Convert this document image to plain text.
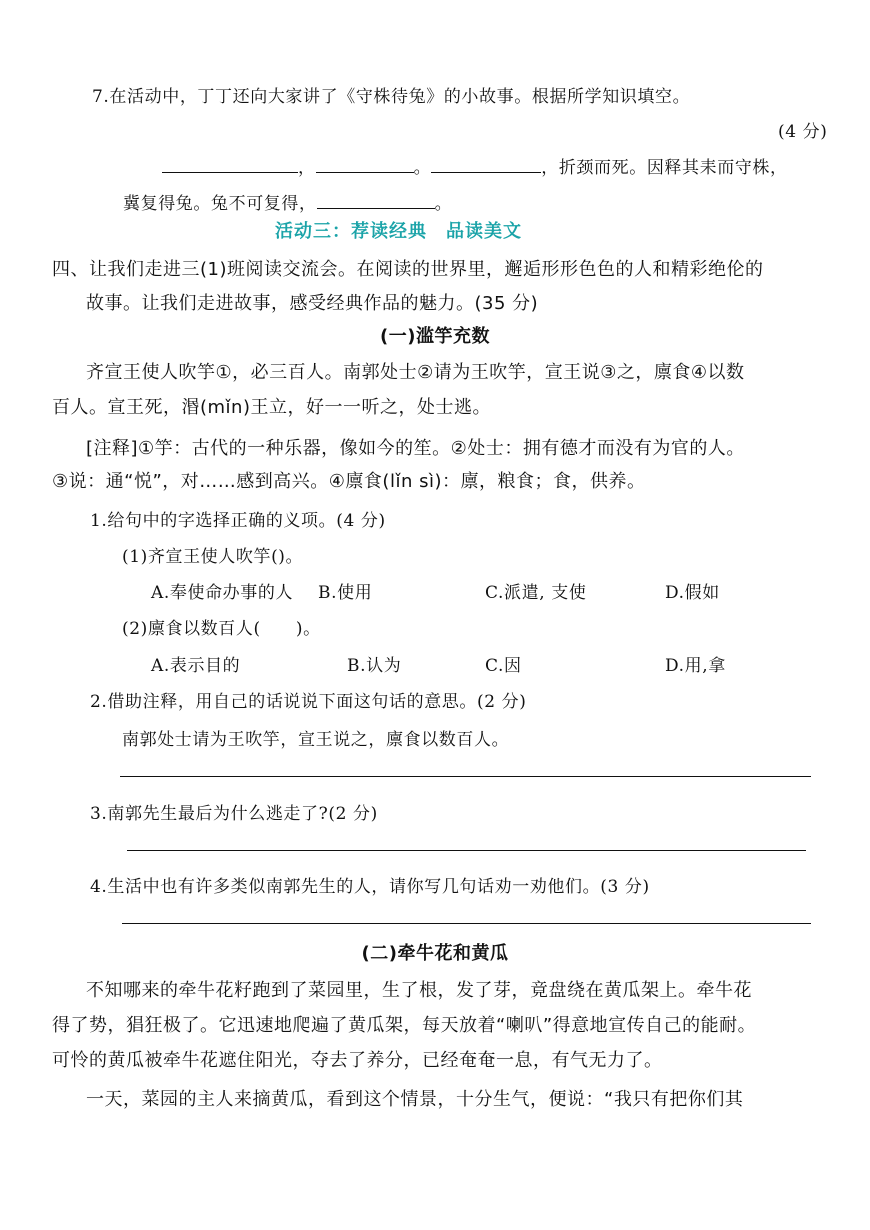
7.在活动中，丁丁还向大家讲了《守株待兔》的小故事。根据所学知识填空。
(4 分)
，	。	，折颈而死。因释其耒而守株，
冀复得兔。兔不可复得，	。
活动三：荐读经典　品读美文
四、让我们走进三(1)班阅读交流会。在阅读的世界里，邂逅形形色色的人和精彩绝伦的
故事。让我们走进故事，感受经典作品的魅力。(35 分)
(一)滥竽充数
齐宣王使人吹竽①，必三百人。南郭处士②请为王吹竽，宣王说③之，廪食④以数
百人。宣王死，湣(mǐn)王立，好一一听之，处士逃。
[注释]①竽：古代的一种乐器，像如今的笙。②处士：拥有德才而没有为官的人。
③说：通“悦”，对……感到高兴。④廪食(lǐn sì)：廪，粮食；食，供养。
1.给句中的字选择正确的义项。(4 分)
(1)齐宣王使人吹竽()。
A.奉使命办事的人 B.使用	C.派遣, 支使	D.假如
(2)廪食以数百人(　　)。
A.表示目的	B.认为	C.因	D.用,拿
2.借助注释，用自己的话说说下面这句话的意思。(2 分)
南郭处士请为王吹竽，宣王说之，廪食以数百人。
3.南郭先生最后为什么逃走了?(2 分)
4.生活中也有许多类似南郭先生的人，请你写几句话劝一劝他们。(3 分)
(二)牵牛花和黄瓜
不知哪来的牵牛花籽跑到了菜园里，生了根，发了芽，竟盘绕在黄瓜架上。牵牛花
得了势，猖狂极了。它迅速地爬遍了黄瓜架，每天放着“喇叭”得意地宣传自己的能耐。
可怜的黄瓜被牵牛花遮住阳光，夺去了养分，已经奄奄一息，有气无力了。
一天，菜园的主人来摘黄瓜，看到这个情景，十分生气，便说：“我只有把你们其
